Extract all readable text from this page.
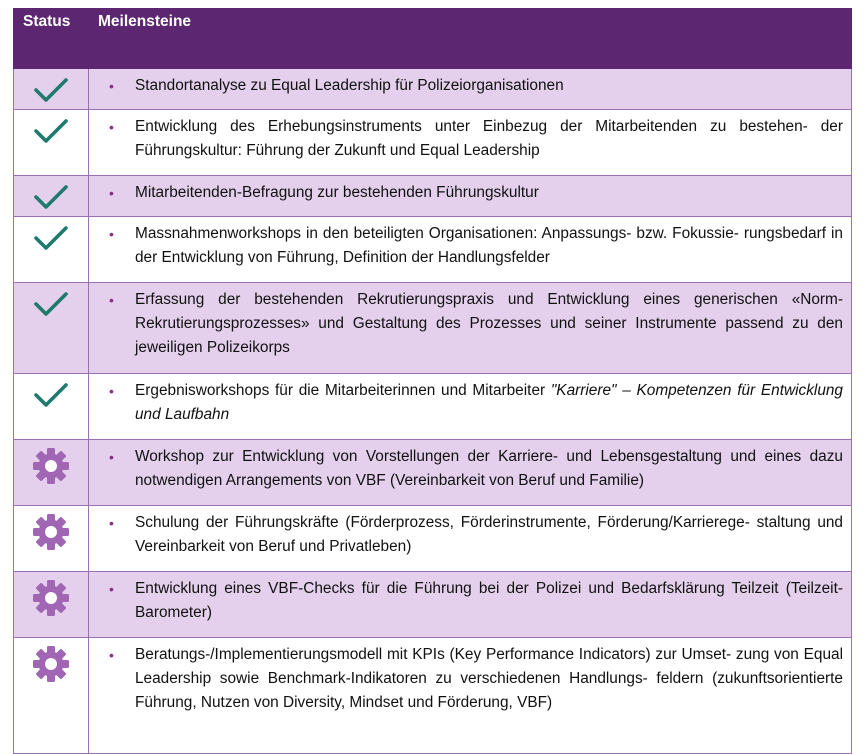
Status	Meilensteine

• Standortanalyse zu Equal Leadership für Polizeiorganisationen

• Entwicklung des Erhebungsinstruments unter Einbezug der Mitarbeitenden zu bestehen- der Führungskultur: Führung der Zukunft und Equal Leadership

• Mitarbeitenden-Befragung zur bestehenden Führungskultur

• Massnahmenworkshops in den beteiligten Organisationen: Anpassungs- bzw. Fokussie- rungsbedarf in der Entwicklung von Führung, Definition der Handlungsfelder

• Erfassung der bestehenden Rekrutierungspraxis und Entwicklung eines generischen «Norm-Rekrutierungsprozesses» und Gestaltung des Prozesses und seiner Instrumente passend zu den jeweiligen Polizeikorps

• Ergebnisworkshops für die Mitarbeiterinnen und Mitarbeiter "Karriere" – Kompetenzen für Entwicklung und Laufbahn

• Workshop zur Entwicklung von Vorstellungen der Karriere- und Lebensgestaltung und eines dazu notwendigen Arrangements von VBF (Vereinbarkeit von Beruf und Familie)

• Schulung der Führungskräfte (Förderprozess, Förderinstrumente, Förderung/Karrierege- staltung und Vereinbarkeit von Beruf und Privatleben)

• Entwicklung eines VBF-Checks für die Führung bei der Polizei und Bedarfsklärung Teilzeit (Teilzeit-Barometer)

• Beratungs-/Implementierungsmodell mit KPIs (Key Performance Indicators) zur Umset- zung von Equal Leadership sowie Benchmark-Indikatoren zu verschiedenen Handlungs- feldern (zukunftsorientierte Führung, Nutzen von Diversity, Mindset und Förderung, VBF)
